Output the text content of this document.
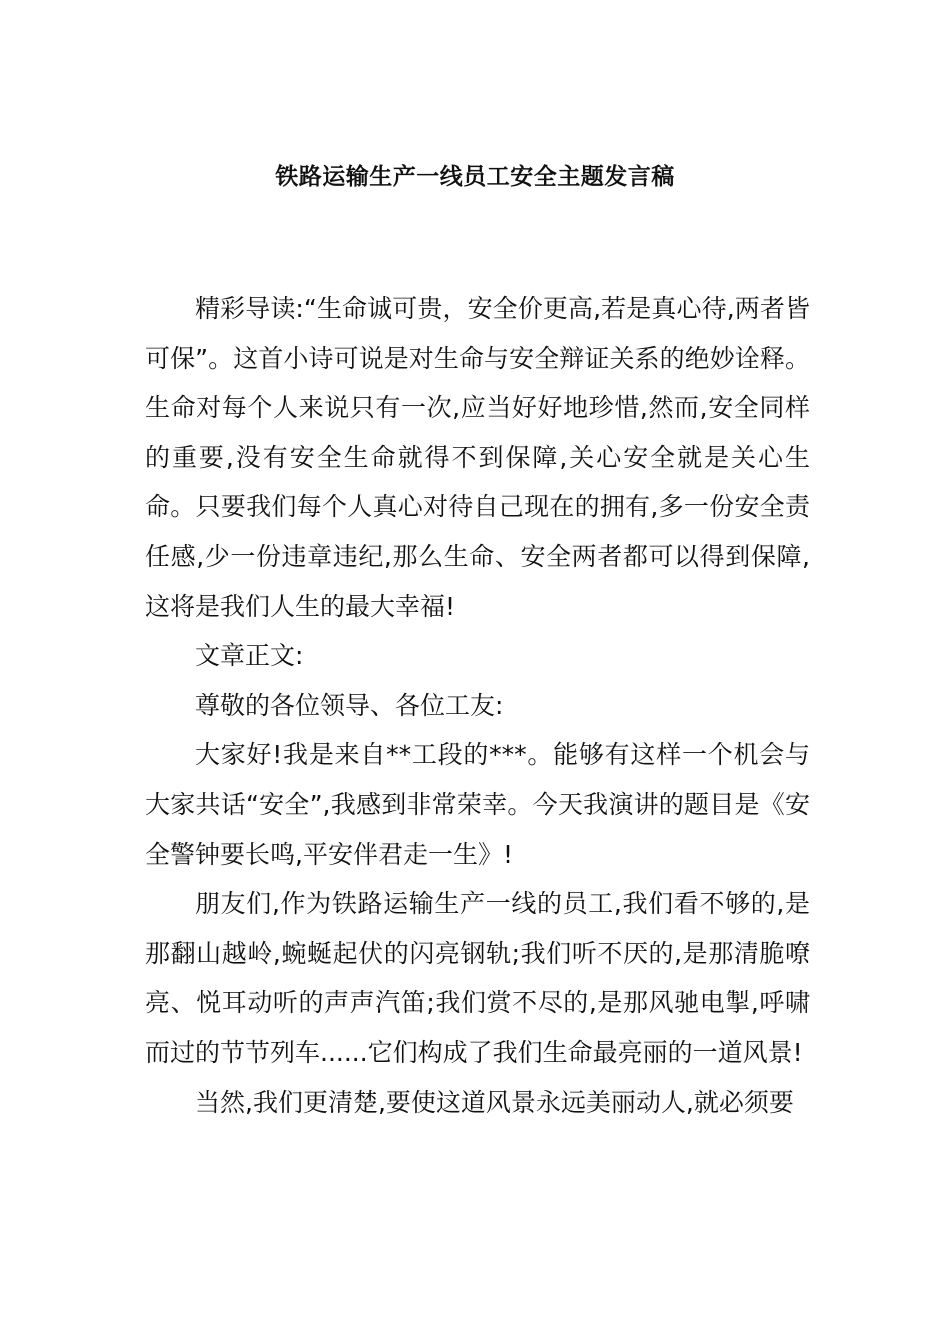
铁路运输生产一线员工安全主题发言稿

精彩导读:“生命诚可贵，安全价更高,若是真心待,两者皆可保”。这首小诗可说是对生命与安全辩证关系的绝妙诠释。生命对每个人来说只有一次,应当好好地珍惜,然而,安全同样的重要,没有安全生命就得不到保障,关心安全就是关心生命。只要我们每个人真心对待自己现在的拥有,多一份安全责任感,少一份违章违纪,那么生命、安全两者都可以得到保障,这将是我们人生的最大幸福!

文章正文:

尊敬的各位领导、各位工友:

大家好!我是来自**工段的***。能够有这样一个机会与大家共话“安全”,我感到非常荣幸。今天我演讲的题目是《安全警钟要长鸣,平安伴君走一生》!

朋友们,作为铁路运输生产一线的员工,我们看不够的,是那翻山越岭,蜿蜒起伏的闪亮钢轨;我们听不厌的,是那清脆嘹亮、悦耳动听的声声汽笛;我们赏不尽的,是那风驰电掣,呼啸而过的节节列车......它们构成了我们生命最亮丽的一道风景!

当然,我们更清楚,要使这道风景永远美丽动人,就必须要
